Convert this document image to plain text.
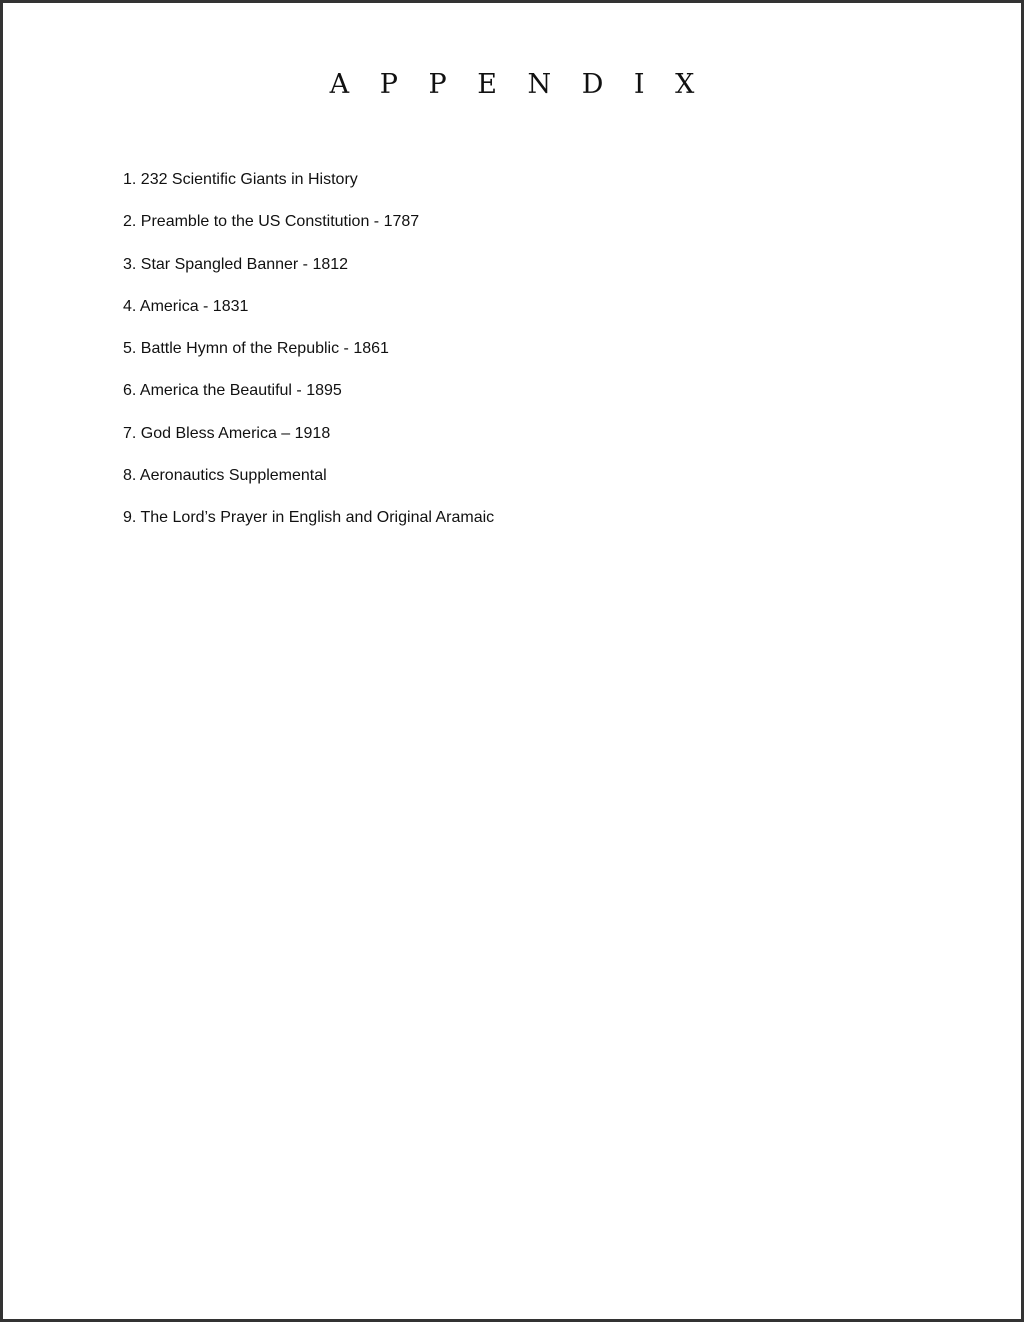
A P P E N D I X
1. 232 Scientific Giants in History
2. Preamble to the US Constitution - 1787
3. Star Spangled Banner - 1812
4. America - 1831
5. Battle Hymn of the Republic - 1861
6. America the Beautiful - 1895
7. God Bless America – 1918
8. Aeronautics Supplemental
9. The Lord’s Prayer in English and Original Aramaic
